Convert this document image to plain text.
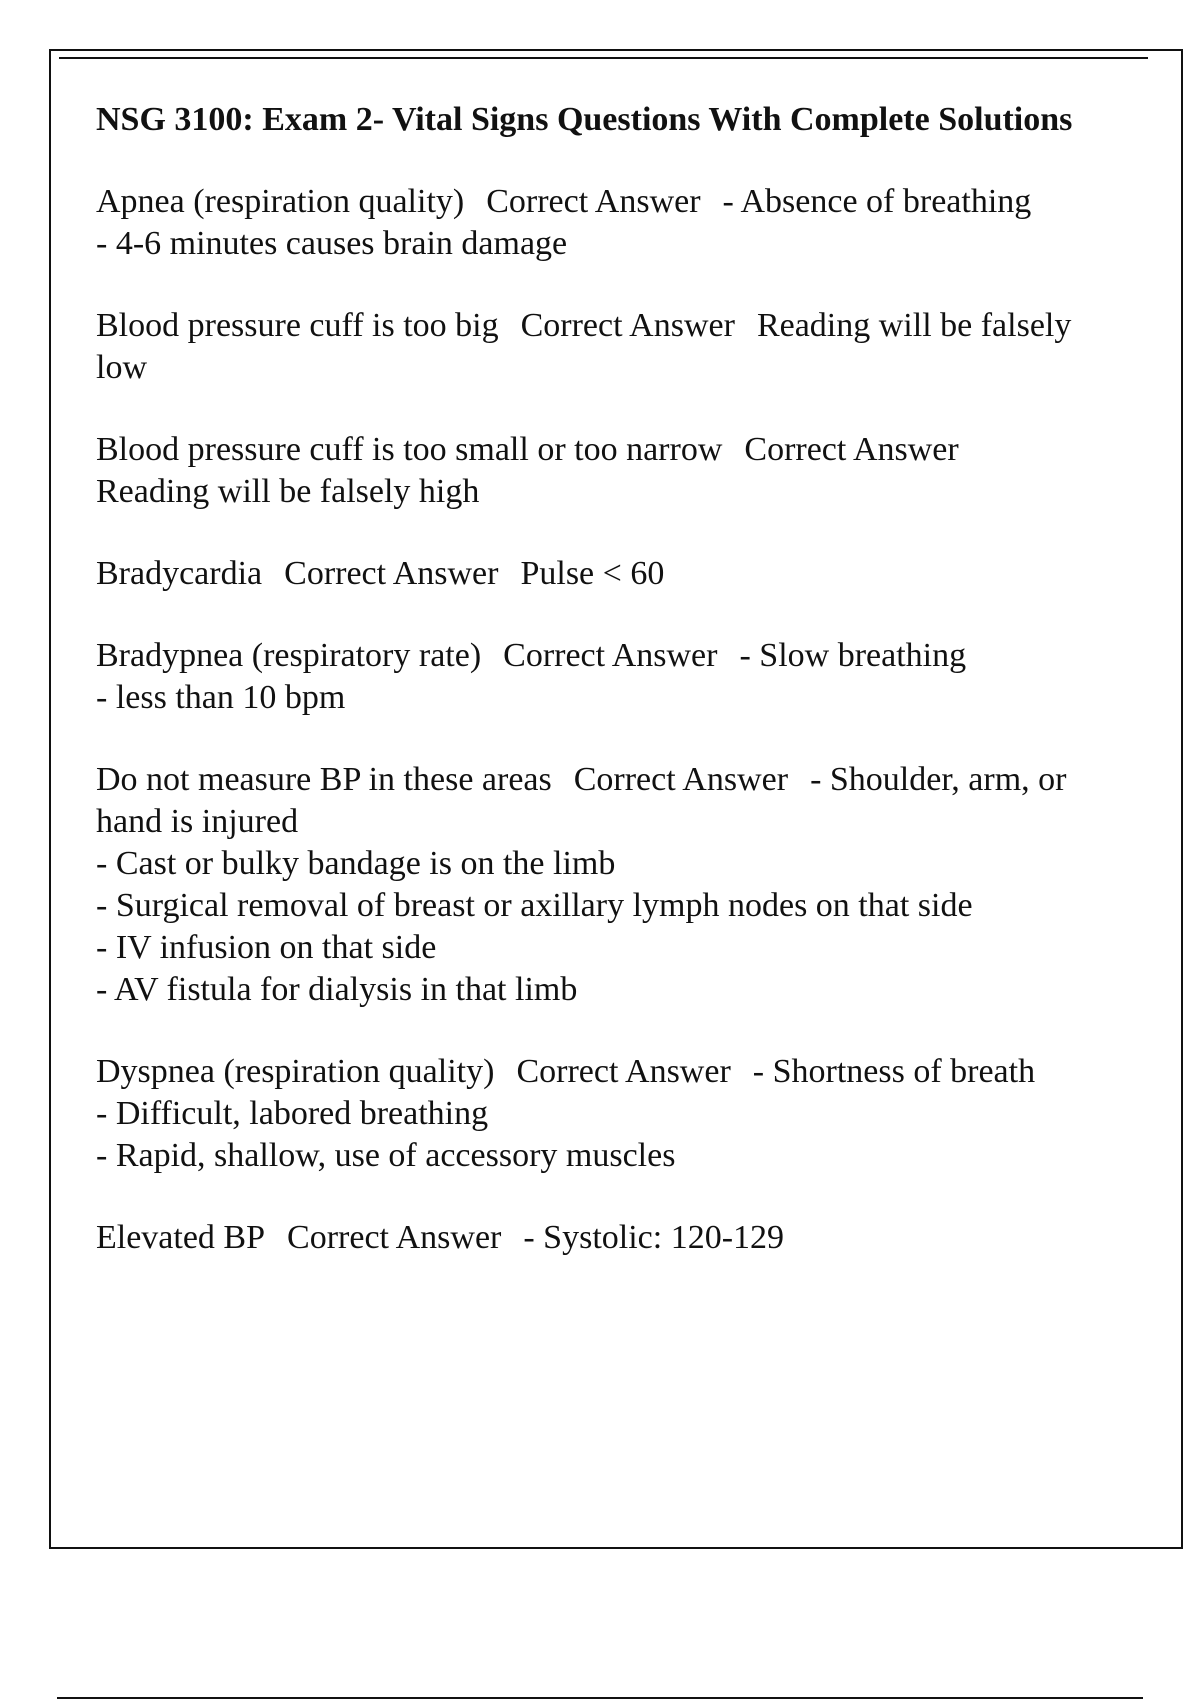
NSG 3100: Exam 2- Vital Signs Questions With Complete Solutions
Apnea (respiration quality) Correct Answer - Absence of breathing
- 4-6 minutes causes brain damage
Blood pressure cuff is too big Correct Answer Reading will be falsely low
Blood pressure cuff is too small or too narrow Correct AnswerReading will be falsely high
Bradycardia Correct Answer Pulse < 60
Bradypnea (respiratory rate) Correct Answer - Slow breathing
- less than 10 bpm
Do not measure BP in these areas Correct Answer - Shoulder, arm, or hand is injured
- Cast or bulky bandage is on the limb
- Surgical removal of breast or axillary lymph nodes on that side
- IV infusion on that side
- AV fistula for dialysis in that limb
Dyspnea (respiration quality) Correct Answer - Shortness of breath
- Difficult, labored breathing
- Rapid, shallow, use of accessory muscles
Elevated BP Correct Answer - Systolic: 120-129
